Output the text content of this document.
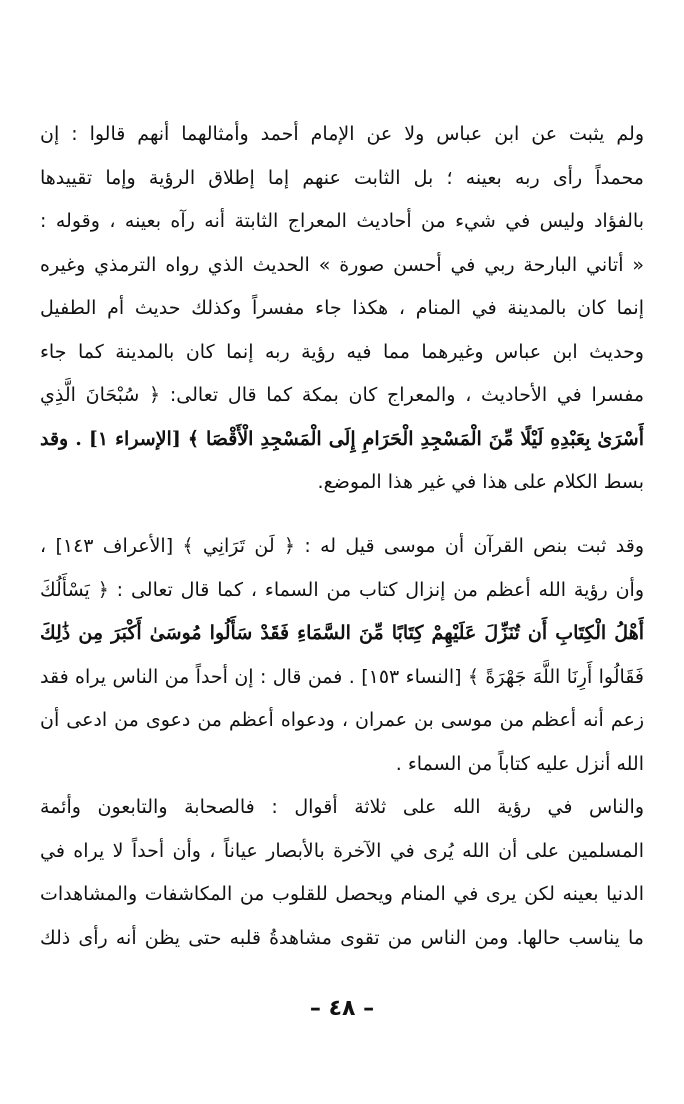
ولم يثبت عن ابن عباس ولا عن الإمام أحمد وأمثالهما أنهم قالوا : إن
محمداً رأى ربه بعينه ؛ بل الثابت عنهم إما إطلاق الرؤية وإما تقييدها
بالفؤاد وليس في شيء من أحاديث المعراج الثابتة أنه رآه بعينه ، وقوله :
« أتاني البارحة ربي في أحسن صورة » الحديث الذي رواه الترمذي وغيره
إنما كان بالمدينة في المنام ، هكذا جاء مفسراً وكذلك حديث أم الطفيل
وحديث ابن عباس وغيرهما مما فيه رؤية ربه إنما كان بالمدينة كما جاء
مفسرا في الأحاديث ، والمعراج كان بمكة كما قال تعالى: ﴿ سُبْحَانَ الَّذِي
أَسْرَىٰ بِعَبْدِهِ لَيْلًا مِّنَ الْمَسْجِدِ الْحَرَامِ إِلَى الْمَسْجِدِ الْأَقْصَا ﴾ [الإسراء ١] . وقد
بسط الكلام على هذا في غير هذا الموضع.
وقد ثبت بنص القرآن أن موسى قيل له : ﴿ لَن تَرَانِي ﴾ [الأعراف ١٤٣] ،
وأن رؤية الله أعظم من إنزال كتاب من السماء ، كما قال تعالى : ﴿ يَسْأَلُكَ
أَهْلُ الْكِتَابِ أَن تُنَزِّلَ عَلَيْهِمْ كِتَابًا مِّنَ السَّمَاءِ فَقَدْ سَأَلُوا مُوسَىٰ أَكْبَرَ مِن ذَٰلِكَ
فَقَالُوا أَرِنَا اللَّهَ جَهْرَةً ﴾ [النساء ١٥٣] . فمن قال : إن أحداً من الناس يراه فقد
زعم أنه أعظم من موسى بن عمران ، ودعواه أعظم من دعوى من ادعى أن
الله أنزل عليه كتاباً من السماء .
والناس في رؤية الله على ثلاثة أقوال : فالصحابة والتابعون وأئمة
المسلمين على أن الله يُرى في الآخرة بالأبصار عياناً ، وأن أحداً لا يراه في
الدنيا بعينه لكن يرى في المنام ويحصل للقلوب من المكاشفات والمشاهدات
ما يناسب حالها. ومن الناس من تقوى مشاهدةُ قلبه حتى يظن أنه رأى ذلك
– ٤٨ –
